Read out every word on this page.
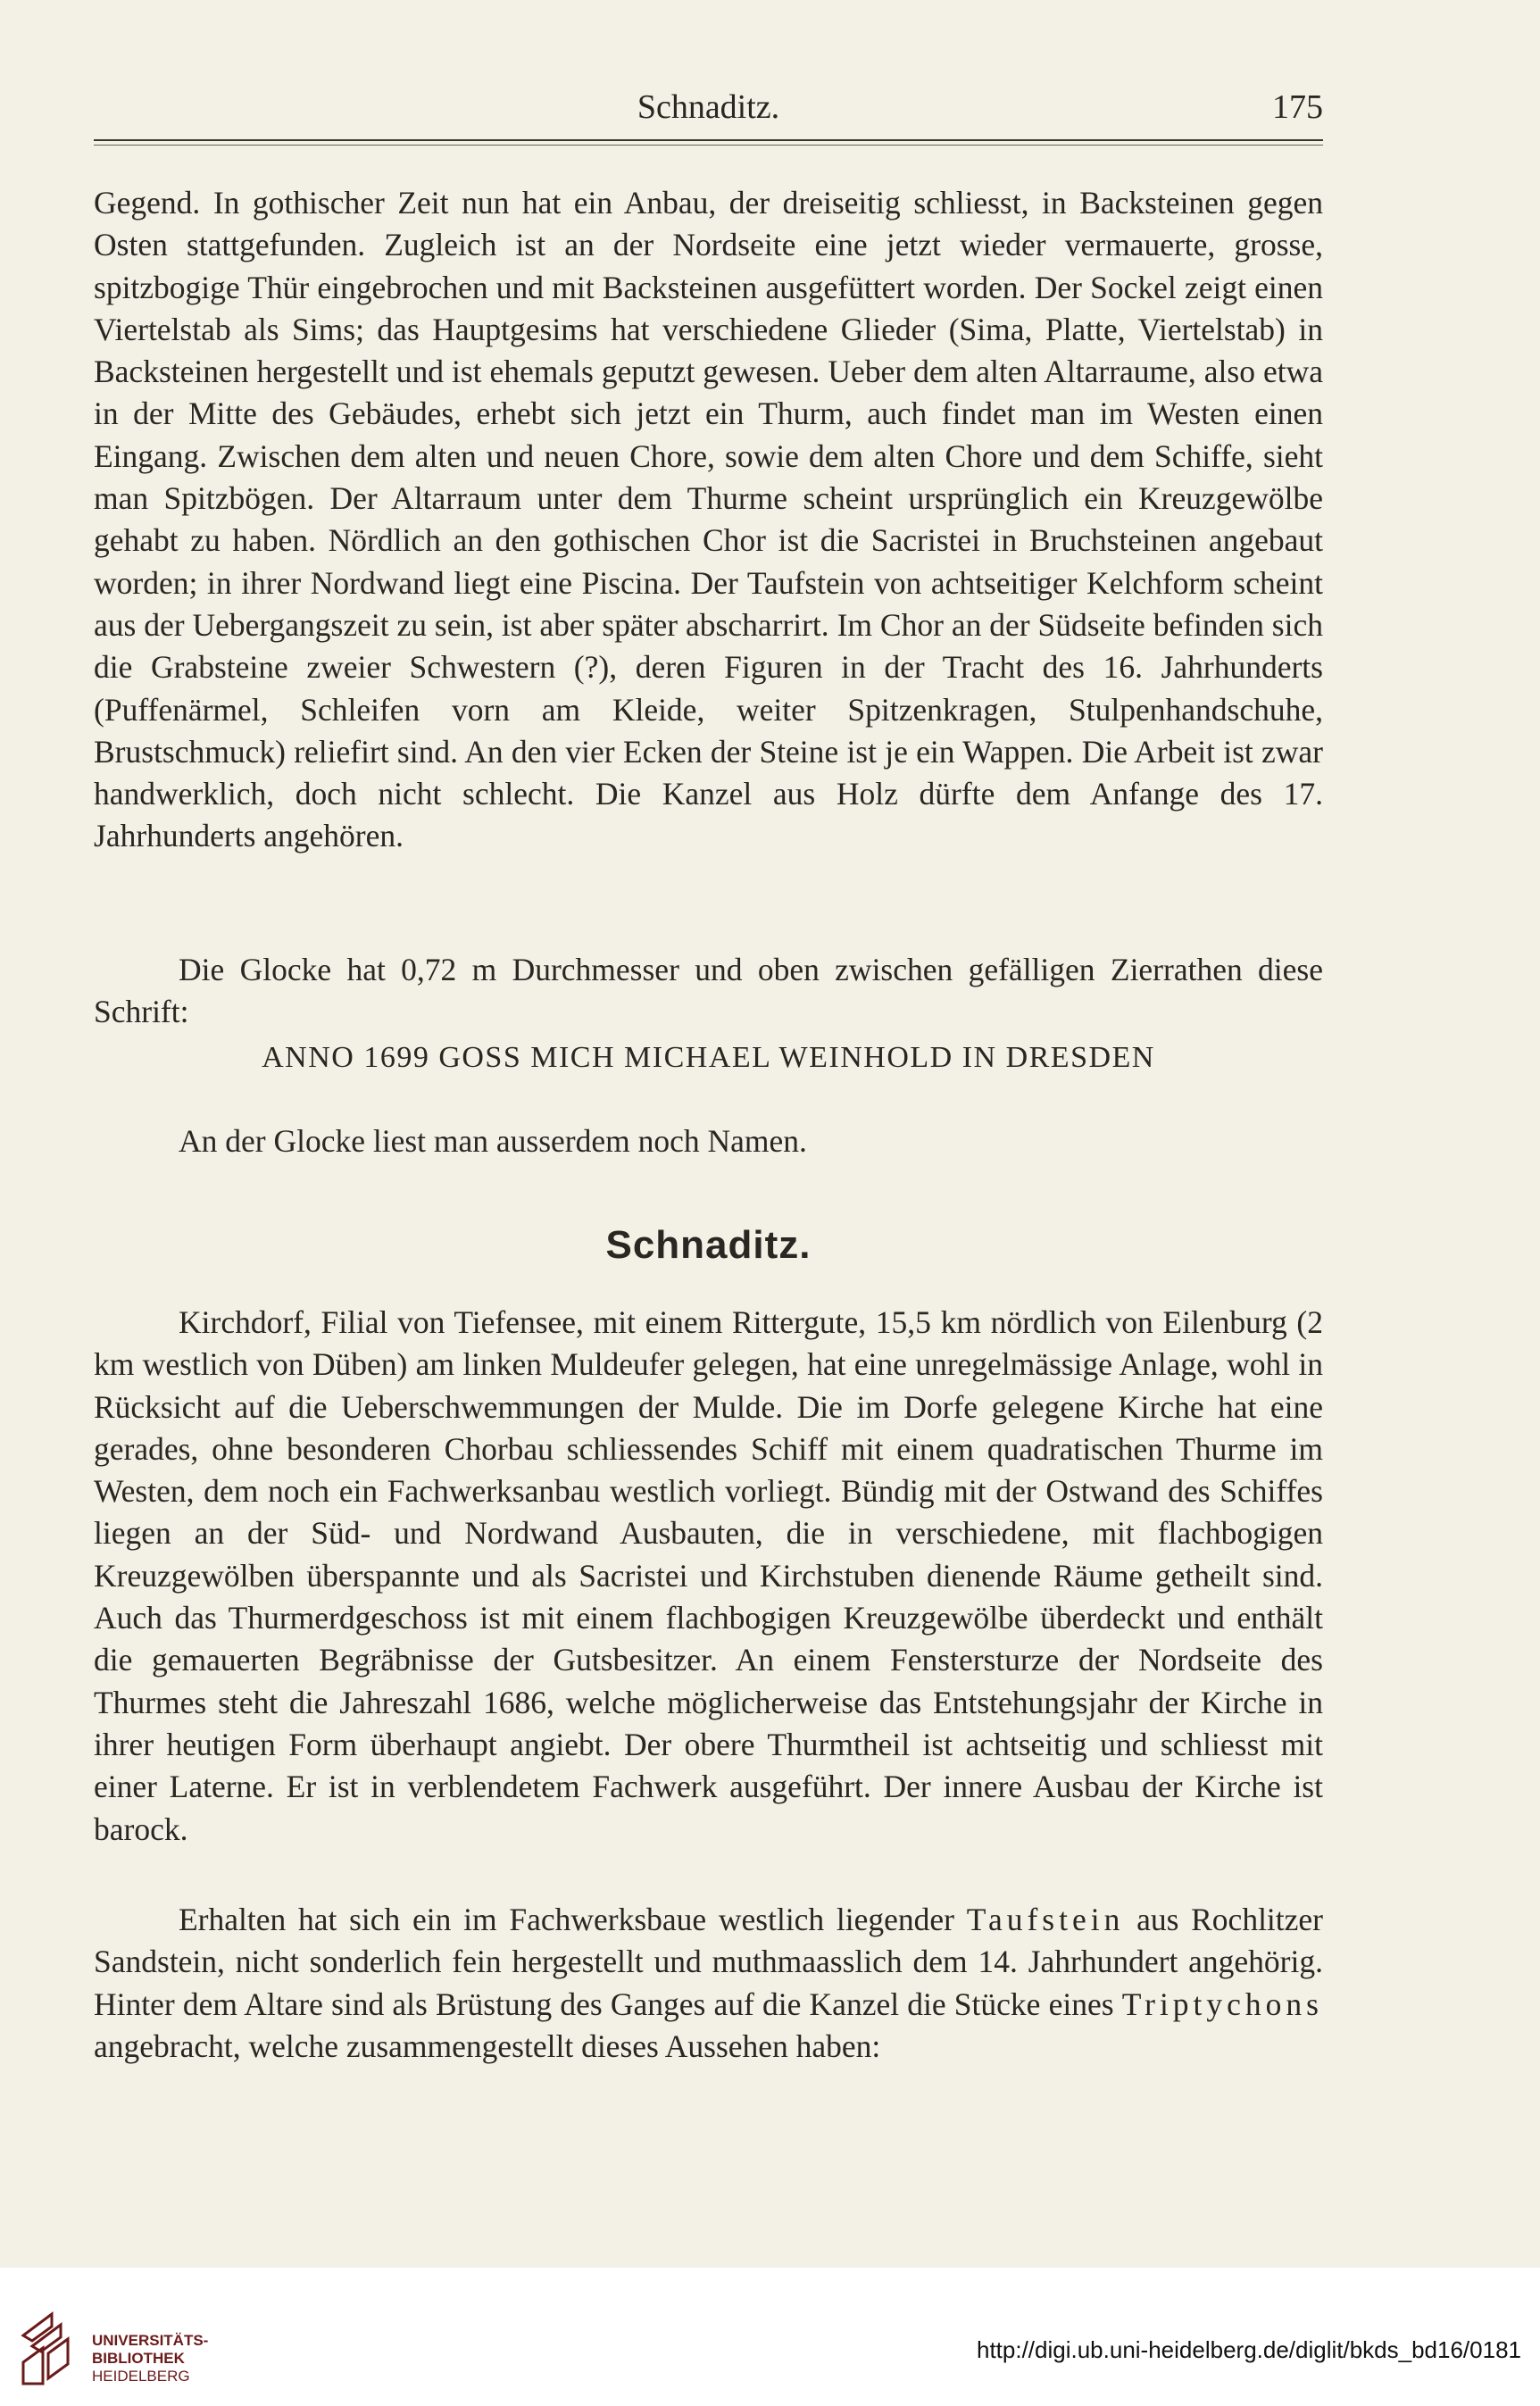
Schnaditz.	175

Gegend. In gothischer Zeit nun hat ein Anbau, der dreiseitig schliesst, in Backsteinen gegen Osten stattgefunden. Zugleich ist an der Nordseite eine jetzt wieder vermauerte, grosse, spitzbogige Thür eingebrochen und mit Backsteinen ausgefüttert worden. Der Sockel zeigt einen Viertelstab als Sims; das Hauptgesims hat verschiedene Glieder (Sima, Platte, Viertelstab) in Backsteinen hergestellt und ist ehemals geputzt gewesen. Ueber dem alten Altarraume, also etwa in der Mitte des Gebäudes, erhebt sich jetzt ein Thurm, auch findet man im Westen einen Eingang. Zwischen dem alten und neuen Chore, sowie dem alten Chore und dem Schiffe, sieht man Spitzbögen. Der Altarraum unter dem Thurme scheint ursprünglich ein Kreuzgewölbe gehabt zu haben. Nördlich an den gothischen Chor ist die Sacristei in Bruchsteinen angebaut worden; in ihrer Nordwand liegt eine Piscina. Der Taufstein von achtseitiger Kelchform scheint aus der Uebergangszeit zu sein, ist aber später abscharrirt. Im Chor an der Südseite befinden sich die Grabsteine zweier Schwestern (?), deren Figuren in der Tracht des 16. Jahrhunderts (Puffenärmel, Schleifen vorn am Kleide, weiter Spitzenkragen, Stulpenhandschuhe, Brustschmuck) reliefirt sind. An den vier Ecken der Steine ist je ein Wappen. Die Arbeit ist zwar handwerklich, doch nicht schlecht. Die Kanzel aus Holz dürfte dem Anfange des 17. Jahrhunderts angehören.

Die Glocke hat 0,72 m Durchmesser und oben zwischen gefälligen Zierrathen diese Schrift:

ANNO 1699 GOSS MICH MICHAEL WEINHOLD IN DRESDEN

An der Glocke liest man ausserdem noch Namen.

Schnaditz.

Kirchdorf, Filial von Tiefensee, mit einem Rittergute, 15,5 km nördlich von Eilenburg (2 km westlich von Düben) am linken Muldeufer gelegen, hat eine unregelmässige Anlage, wohl in Rücksicht auf die Ueberschwemmungen der Mulde. Die im Dorfe gelegene Kirche hat eine gerades, ohne besonderen Chorbau schliessendes Schiff mit einem quadratischen Thurme im Westen, dem noch ein Fachwerksanbau westlich vorliegt. Bündig mit der Ostwand des Schiffes liegen an der Süd- und Nordwand Ausbauten, die in verschiedene, mit flachbogigen Kreuzgewölben überspannte und als Sacristei und Kirchstuben dienende Räume getheilt sind. Auch das Thurmerdgeschoss ist mit einem flachbogigen Kreuzgewölbe überdeckt und enthält die gemauerten Begräbnisse der Gutsbesitzer. An einem Fenstersturze der Nordseite des Thurmes steht die Jahreszahl 1686, welche möglicherweise das Entstehungsjahr der Kirche in ihrer heutigen Form überhaupt angiebt. Der obere Thurmtheil ist achtseitig und schliesst mit einer Laterne. Er ist in verblendetem Fachwerk ausgeführt. Der innere Ausbau der Kirche ist barock.

Erhalten hat sich ein im Fachwerksbaue westlich liegender Taufstein aus Rochlitzer Sandstein, nicht sonderlich fein hergestellt und muthmaasslich dem 14. Jahrhundert angehörig. Hinter dem Altare sind als Brüstung des Ganges auf die Kanzel die Stücke eines Triptychons angebracht, welche zusammengestellt dieses Aussehen haben:

UNIVERSITÄTS-
BIBLIOTHEK
HEIDELBERG
http://digi.ub.uni-heidelberg.de/diglit/bkds_bd16/0181
